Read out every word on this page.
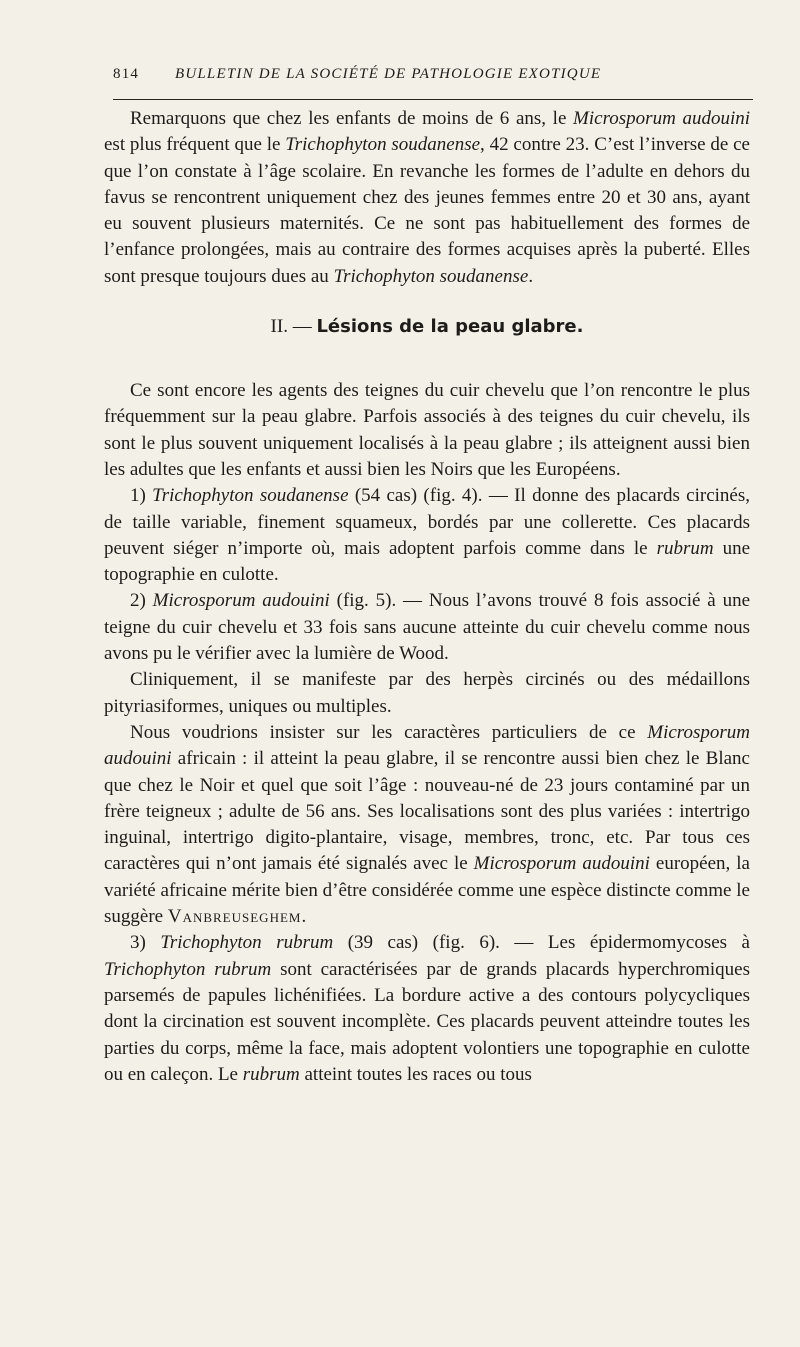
814	BULLETIN DE LA SOCIÉTÉ DE PATHOLOGIE EXOTIQUE

Remarquons que chez les enfants de moins de 6 ans, le Microsporum audouini est plus fréquent que le Trichophyton soudanense, 42 contre 23. C’est l’inverse de ce que l’on constate à l’âge scolaire. En revanche les formes de l’adulte en dehors du favus se rencontrent uniquement chez des jeunes femmes entre 20 et 30 ans, ayant eu souvent plusieurs maternités. Ce ne sont pas habituellement des formes de l’enfance prolongées, mais au contraire des formes acquises après la puberté. Elles sont presque toujours dues au Trichophyton soudanense.

II. — Lésions de la peau glabre.

Ce sont encore les agents des teignes du cuir chevelu que l’on rencontre le plus fréquemment sur la peau glabre. Parfois associés à des teignes du cuir chevelu, ils sont le plus souvent uniquement localisés à la peau glabre ; ils atteignent aussi bien les adultes que les enfants et aussi bien les Noirs que les Européens.

1) Trichophyton soudanense (54 cas) (fig. 4). — Il donne des placards circinés, de taille variable, finement squameux, bordés par une collerette. Ces placards peuvent siéger n’importe où, mais adoptent parfois comme dans le rubrum une topographie en culotte.

2) Microsporum audouini (fig. 5). — Nous l’avons trouvé 8 fois associé à une teigne du cuir chevelu et 33 fois sans aucune atteinte du cuir chevelu comme nous avons pu le vérifier avec la lumière de Wood.

Cliniquement, il se manifeste par des herpès circinés ou des médaillons pityriasiformes, uniques ou multiples.

Nous voudrions insister sur les caractères particuliers de ce Microsporum audouini africain : il atteint la peau glabre, il se rencontre aussi bien chez le Blanc que chez le Noir et quel que soit l’âge : nouveau-né de 23 jours contaminé par un frère teigneux ; adulte de 56 ans. Ses localisations sont des plus variées : intertrigo inguinal, intertrigo digito-plantaire, visage, membres, tronc, etc. Par tous ces caractères qui n’ont jamais été signalés avec le Microsporum audouini européen, la variété africaine mérite bien d’être considérée comme une espèce distincte comme le suggère Vanbreuseghem.

3) Trichophyton rubrum (39 cas) (fig. 6). — Les épidermomycoses à Trichophyton rubrum sont caractérisées par de grands placards hyperchromiques parsemés de papules lichénifiées. La bordure active a des contours polycycliques dont la circination est souvent incomplète. Ces placards peuvent atteindre toutes les parties du corps, même la face, mais adoptent volontiers une topographie en culotte ou en caleçon. Le rubrum atteint toutes les races ou tous
